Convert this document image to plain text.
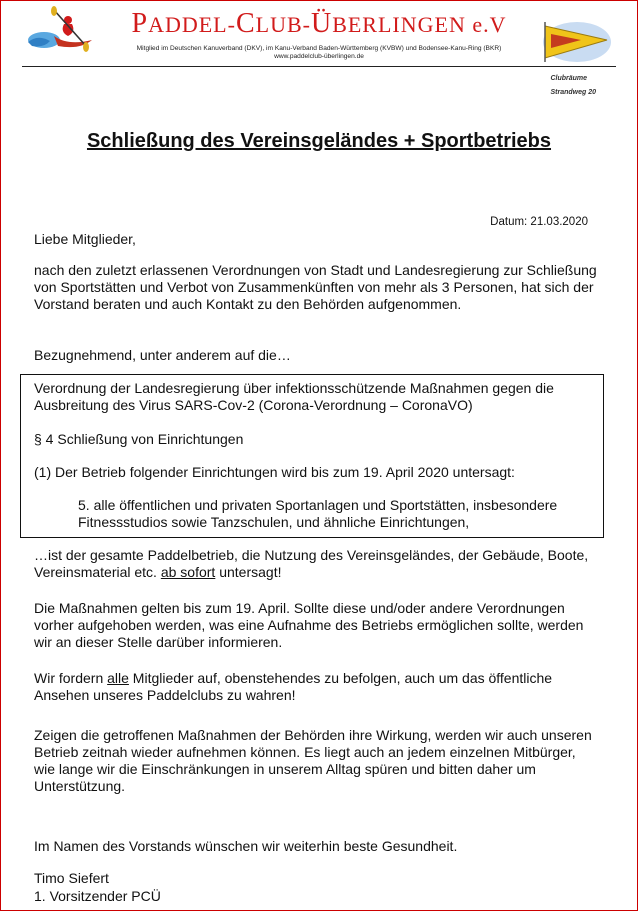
PADDEL-CLUB-ÜBERLINGEN e.V
Mitglied im Deutschen Kanuverband (DKV), im Kanu-Verband Baden-Württemberg (KVBW) und Bodensee-Kanu-Ring (BKR)
www.paddelclub-überlingen.de
Clubräume
Strandweg 20
Schließung des Vereinsgeländes + Sportbetriebs
Datum: 21.03.2020
Liebe Mitglieder,
nach den zuletzt erlassenen Verordnungen von Stadt und Landesregierung zur Schließung von Sportstätten und Verbot von Zusammenkünften von mehr als 3 Personen, hat sich der Vorstand beraten und auch Kontakt zu den Behörden aufgenommen.
Bezugnehmend, unter anderem auf die…
Verordnung der Landesregierung über infektionsschützende Maßnahmen gegen die Ausbreitung des Virus SARS-Cov-2 (Corona-Verordnung – CoronaVO)
§ 4 Schließung von Einrichtungen
(1) Der Betrieb folgender Einrichtungen wird bis zum 19. April 2020 untersagt:
5. alle öffentlichen und privaten Sportanlagen und Sportstätten, insbesondere Fitnessstudios sowie Tanzschulen, und ähnliche Einrichtungen,
…ist der gesamte Paddelbetrieb, die Nutzung des Vereinsgeländes, der Gebäude, Boote, Vereinsmaterial etc. ab sofort untersagt!
Die Maßnahmen gelten bis zum 19. April. Sollte diese und/oder andere Verordnungen vorher aufgehoben werden, was eine Aufnahme des Betriebs ermöglichen sollte, werden wir an dieser Stelle darüber informieren.
Wir fordern alle Mitglieder auf, obenstehendes zu befolgen, auch um das öffentliche Ansehen unseres Paddelclubs zu wahren!
Zeigen die getroffenen Maßnahmen der Behörden ihre Wirkung, werden wir auch unseren Betrieb zeitnah wieder aufnehmen können. Es liegt auch an jedem einzelnen Mitbürger, wie lange wir die Einschränkungen in unserem Alltag spüren und bitten daher um Unterstützung.
Im Namen des Vorstands wünschen wir weiterhin beste Gesundheit.
Timo Siefert
1. Vorsitzender PCÜ
